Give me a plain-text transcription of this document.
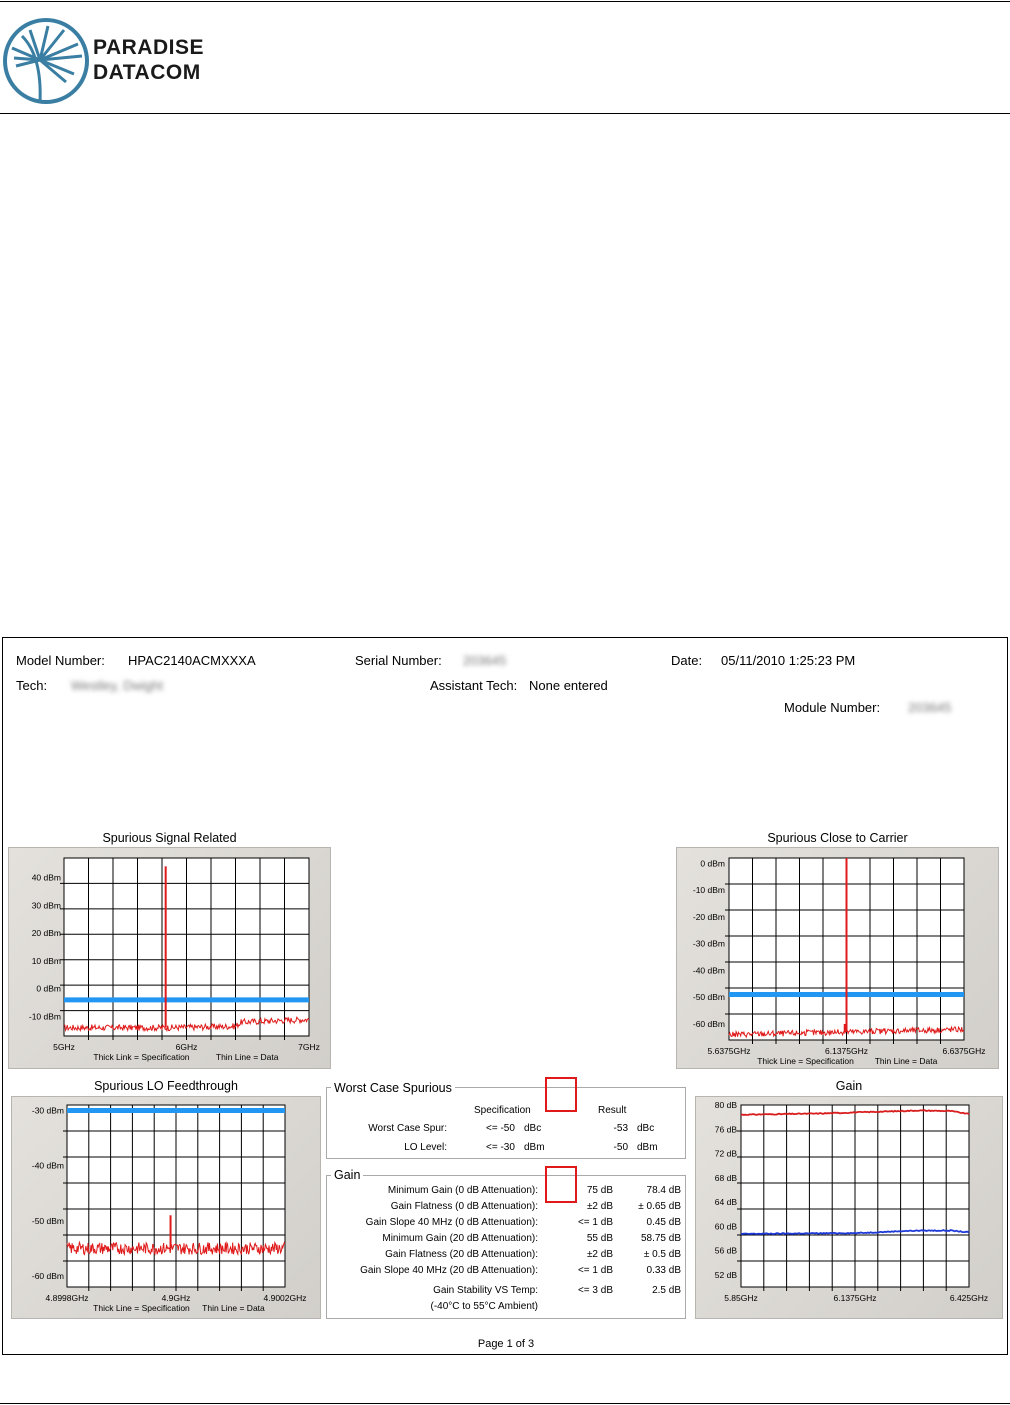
PARADISE
DATACOM
Model Number: HPAC2140ACMXXXA	Serial Number: 203645	Date: 05/11/2010 1:25:23 PM
Tech: Westley, Dwight	Assistant Tech: None entered
Module Number: 203645
Spurious Signal Related	Spurious Close to Carrier
Spurious LO Feedthrough	Gain
40 dBm
30 dBm
20 dBm
10 dBm
0 dBm
-10 dBm
5GHz	6GHz	7GHz
Thick Link = Specification	Thin Line = Data
0 dBm
-10 dBm
-20 dBm
-30 dBm
-40 dBm
-50 dBm
-60 dBm
5.6375GHz	6.1375GHz	6.6375GHz
Thick Line = Specification Thin Line = Data
-30 dBm
-40 dBm
-50 dBm
-60 dBm
4.8998GHz	4.9GHz	4.9002GHz
Thick Line = Specification Thin Line = Data
80 dB
76 dB
72 dB
68 dB
64 dB
60 dB
56 dB
52 dB
5.85GHz	6.1375GHz	6.425GHz
Worst Case Spurious
Specification	Result
Worst Case Spur:	<= -50 dBc	-53 dBc
LO Level:	<= -30 dBm	-50 dBm
Gain
Minimum Gain (0 dB Attenuation):	75 dB	78.4 dB
Gain Flatness (0 dB Attenuation):	±2 dB	± 0.65 dB
Gain Slope 40 MHz (0 dB Attenuation):	<= 1 dB	0.45 dB
Minimum Gain (20 dB Attenuation):	55 dB	58.75 dB
Gain Flatness (20 dB Attenuation):	±2 dB	± 0.5 dB
Gain Slope 40 MHz (20 dB Attenuation):	<= 1 dB	0.33 dB
Gain Stability VS Temp:	<= 3 dB	2.5 dB
(-40°C to 55°C Ambient)
Page 1 of 3
